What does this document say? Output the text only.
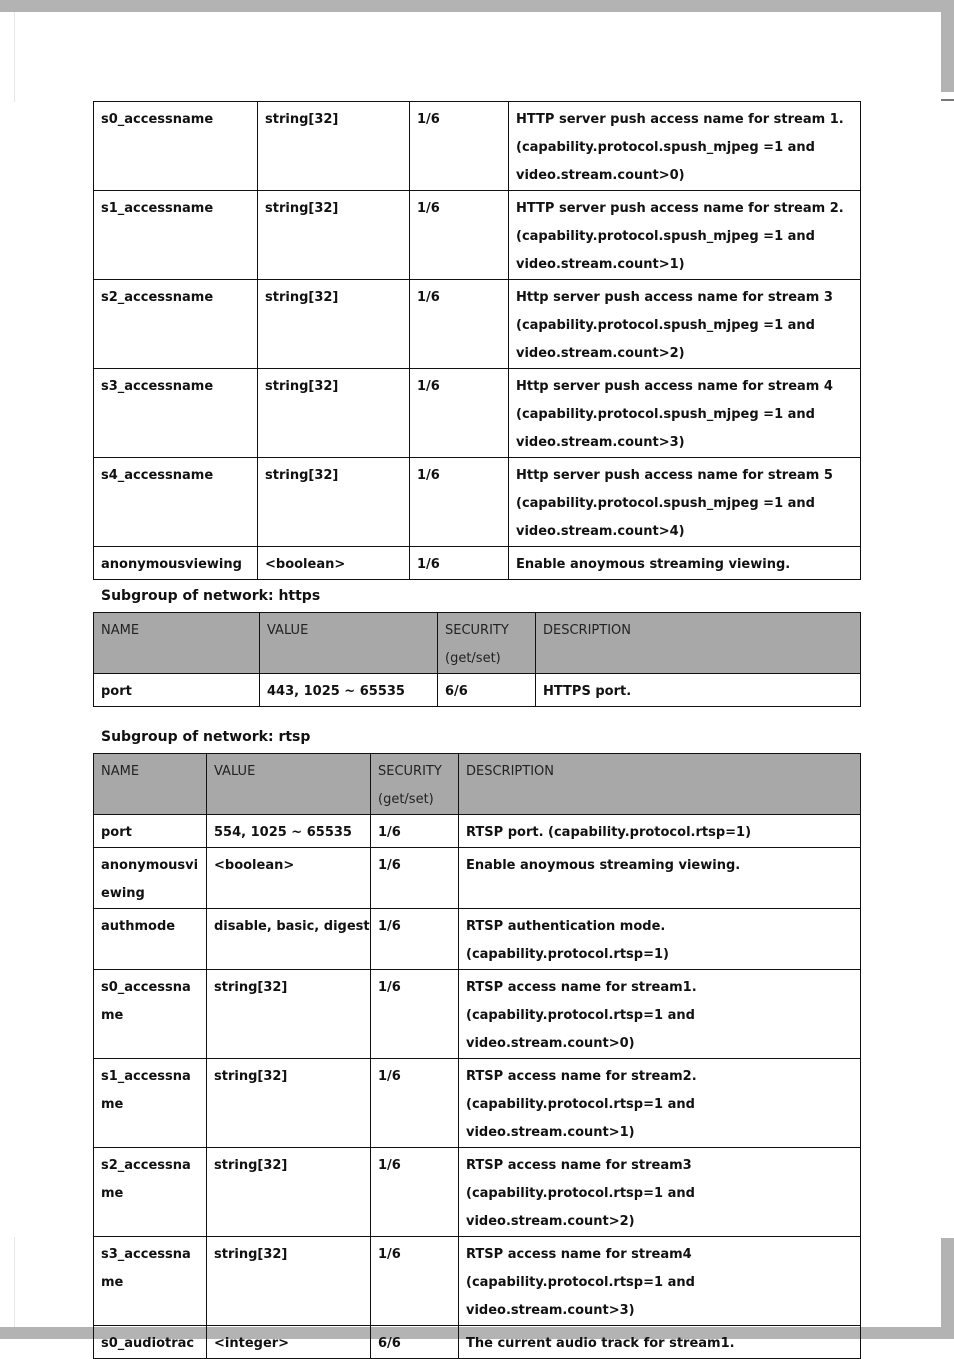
s0_accessname	string[32]	1/6	HTTP server push access name for stream 1. (capability.protocol.spush_mjpeg =1 and video.stream.count>0)
s1_accessname	string[32]	1/6	HTTP server push access name for stream 2. (capability.protocol.spush_mjpeg =1 and video.stream.count>1)
s2_accessname	string[32]	1/6	Http server push access name for stream 3 (capability.protocol.spush_mjpeg =1 and video.stream.count>2)
s3_accessname	string[32]	1/6	Http server push access name for stream 4 (capability.protocol.spush_mjpeg =1 and video.stream.count>3)
s4_accessname	string[32]	1/6	Http server push access name for stream 5 (capability.protocol.spush_mjpeg =1 and video.stream.count>4)
anonymousviewing	<boolean>	1/6	Enable anoymous streaming viewing.
Subgroup of network: https
NAME	VALUE	SECURITY (get/set)	DESCRIPTION
port	443, 1025 ~ 65535	6/6	HTTPS port.
Subgroup of network: rtsp
NAME	VALUE	SECURITY (get/set)	DESCRIPTION
port	554, 1025 ~ 65535	1/6	RTSP port. (capability.protocol.rtsp=1)
anonymousviewing	<boolean>	1/6	Enable anoymous streaming viewing.
authmode	disable, basic, digest	1/6	RTSP authentication mode. (capability.protocol.rtsp=1)
s0_accessname	string[32]	1/6	RTSP access name for stream1. (capability.protocol.rtsp=1 and video.stream.count>0)
s1_accessname	string[32]	1/6	RTSP access name for stream2. (capability.protocol.rtsp=1 and video.stream.count>1)
s2_accessname	string[32]	1/6	RTSP access name for stream3 (capability.protocol.rtsp=1 and video.stream.count>2)
s3_accessname	string[32]	1/6	RTSP access name for stream4 (capability.protocol.rtsp=1 and video.stream.count>3)
s0_audiotrac	<integer>	6/6	The current audio track for stream1.
